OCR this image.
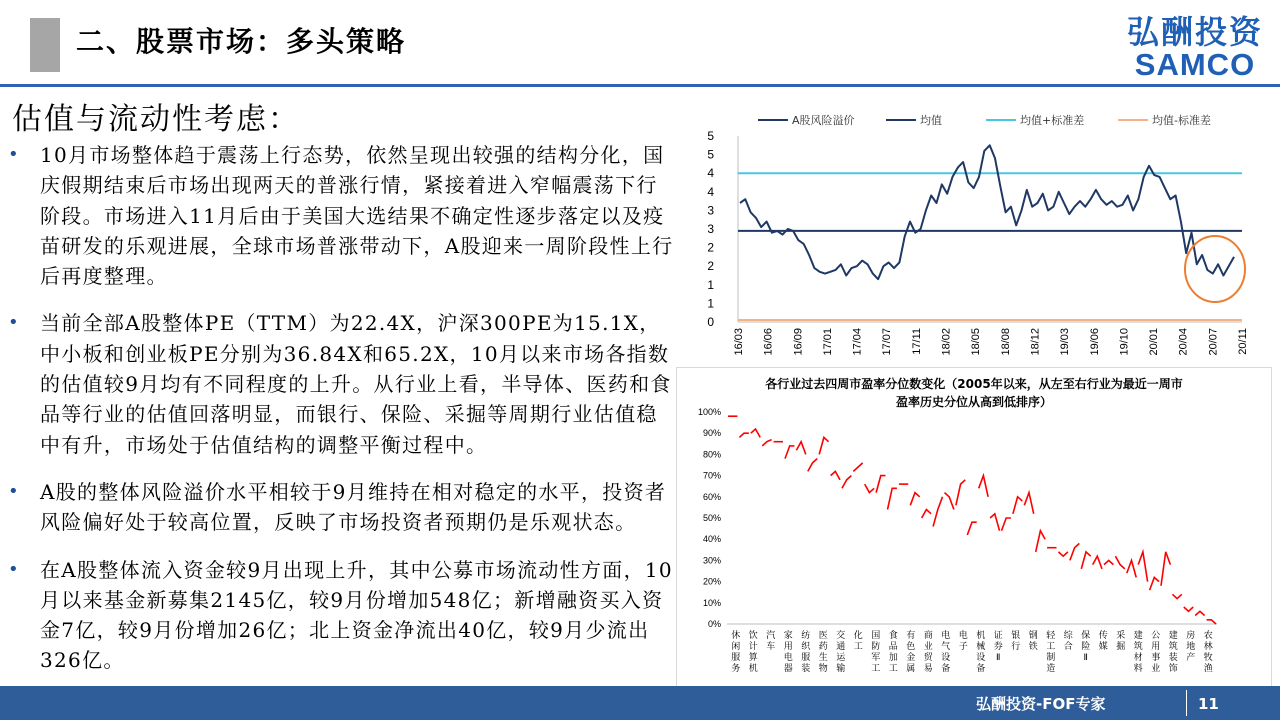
二、股票市场：多头策略	弘酬投资
SAMCO
估值与流动性考虑：
•	10月市场整体趋于震荡上行态势，依然呈现出较强的结构分化，国庆假期结束后市场出现两天的普涨行情，紧接着进入窄幅震荡下行阶段。市场进入11月后由于美国大选结果不确定性逐步落定以及疫苗研发的乐观进展，全球市场普涨带动下，A股迎来一周阶段性上行后再度整理。
•	当前全部A股整体PE（TTM）为22.4X，沪深300PE为15.1X，中小板和创业板PE分别为36.84X和65.2X，10月以来市场各指数的估值较9月均有不同程度的上升。从行业上看，半导体、医药和食品等行业的估值回落明显，而银行、保险、采掘等周期行业估值稳中有升，市场处于估值结构的调整平衡过程中。
•	A股的整体风险溢价水平相较于9月维持在相对稳定的水平，投资者风险偏好处于较高位置，反映了市场投资者预期仍是乐观状态。
•	在A股整体流入资金较9月出现上升，其中公募市场流动性方面，10月以来基金新募集2145亿，较9月份增加548亿；新增融资买入资金7亿，较9月份增加26亿；北上资金净流出40亿，较9月少流出326亿。
A股风险溢价	均值	均值+标准差	均值-标准差
5
5
4
4
3
3
2
2
1
1
0
16/03 16/06 16/09 17/01 17/04 17/07 17/11 18/02 18/05 18/08 18/12 19/03 19/06 19/10 20/01 20/04 20/07 20/11
各行业过去四周市盈率分位数变化（2005年以来，从左至右行业为最近一周市
盈率历史分位从高到低排序）
100%
90%
80%
70%
60%
50%
40%
30%
20%
10%
0%
休闲服务
饮计算机
汽车
家用电器
纺织服装
医药生物
交通运输
化工
国防军工
食品加工
有色金属
商业贸易
电气设备
电子
机械设备
证券 Ⅱ
银行
钢铁
轻工制造
综合
保险 Ⅱ
传媒
采掘
建筑材料
公用事业
建筑装饰
房地产
农林牧渔
弘酬投资-FOF专家	11
